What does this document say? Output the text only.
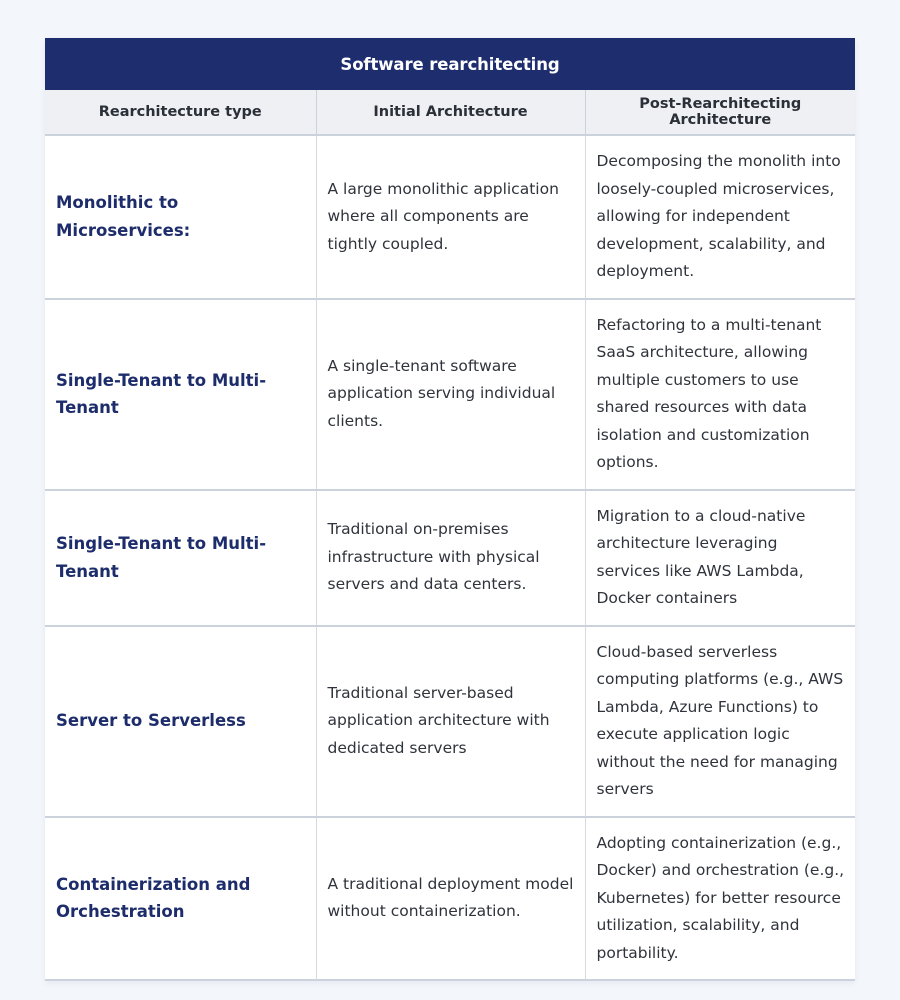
Software rearchitecting		
Rearchitecture type	Initial Architecture	Post-Rearchitecting Architecture
Monolithic to Microservices:	A large monolithic application where all components are tightly coupled.	Decomposing the monolith into loosely-coupled microservices, allowing for independent development, scalability, and deployment.
Single-Tenant to Multi-Tenant	A single-tenant software application serving individual clients.	Refactoring to a multi-tenant SaaS architecture, allowing multiple customers to use shared resources with data isolation and customization options.
Single-Tenant to Multi-Tenant	Traditional on-premises infrastructure with physical servers and data centers.	Migration to a cloud-native architecture leveraging services like AWS Lambda, Docker containers
Server to Serverless	Traditional server-based application architecture with dedicated servers	Cloud-based serverless computing platforms (e.g., AWS Lambda, Azure Functions) to execute application logic without the need for managing servers
Containerization and Orchestration	A traditional deployment model without containerization.	Adopting containerization (e.g., Docker) and orchestration (e.g., Kubernetes) for better resource utilization, scalability, and portability.
